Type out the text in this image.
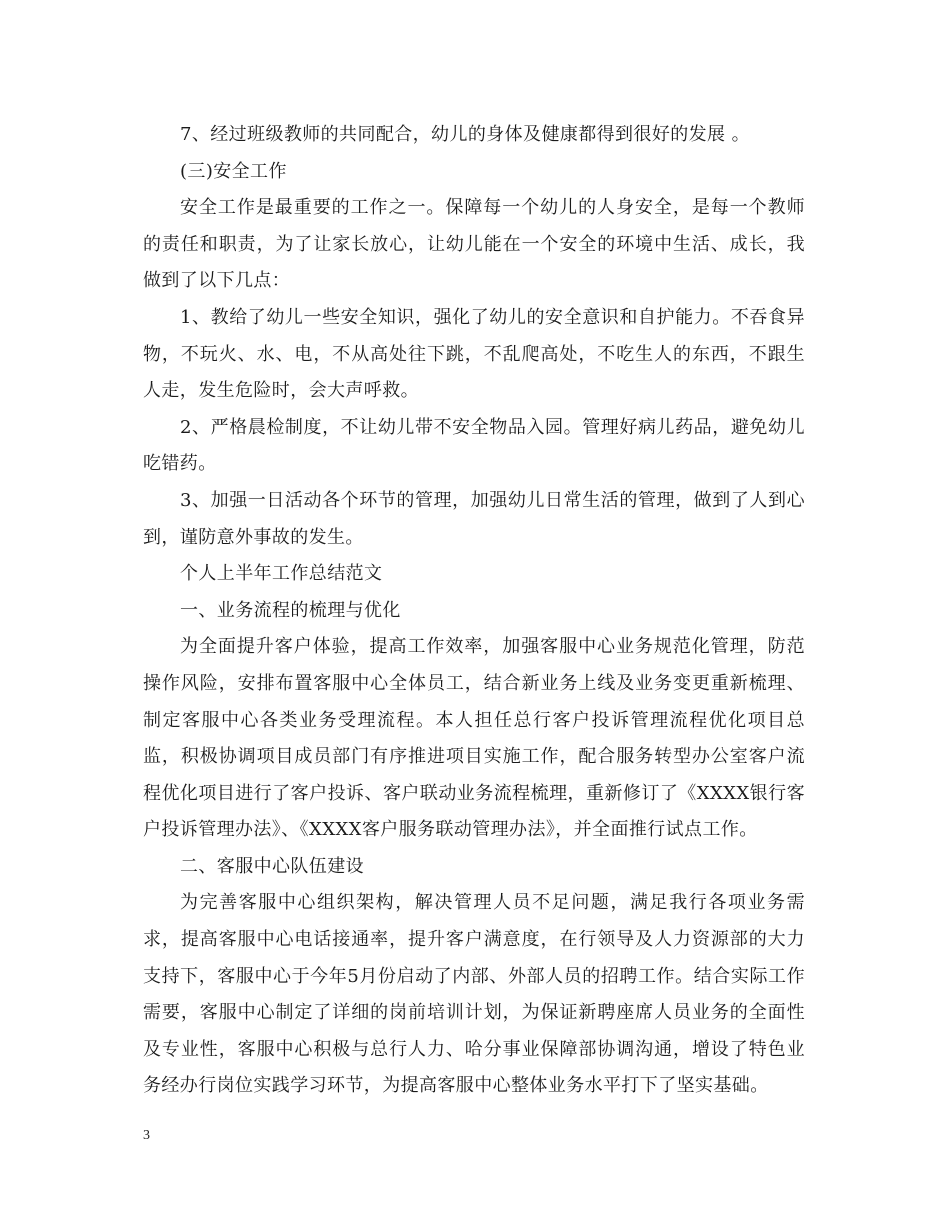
7、经过班级教师的共同配合，幼儿的身体及健康都得到很好的发展 。

(三)安全工作

安全工作是最重要的工作之一。保障每一个幼儿的人身安全，是每一个教师的责任和职责，为了让家长放心，让幼儿能在一个安全的环境中生活、成长，我做到了以下几点：

1、教给了幼儿一些安全知识，强化了幼儿的安全意识和自护能力。不吞食异物，不玩火、水、电，不从高处往下跳，不乱爬高处，不吃生人的东西，不跟生人走，发生危险时，会大声呼救。

2、严格晨检制度，不让幼儿带不安全物品入园。管理好病儿药品，避免幼儿吃错药。

3、加强一日活动各个环节的管理，加强幼儿日常生活的管理，做到了人到心到，谨防意外事故的发生。

个人上半年工作总结范文

一、业务流程的梳理与优化

为全面提升客户体验，提高工作效率，加强客服中心业务规范化管理，防范操作风险，安排布置客服中心全体员工，结合新业务上线及业务变更重新梳理、制定客服中心各类业务受理流程。本人担任总行客户投诉管理流程优化项目总监，积极协调项目成员部门有序推进项目实施工作，配合服务转型办公室客户流程优化项目进行了客户投诉、客户联动业务流程梳理，重新修订了《XXXX银行客户投诉管理办法》、《XXXX客户服务联动管理办法》，并全面推行试点工作。

二、客服中心队伍建设

为完善客服中心组织架构，解决管理人员不足问题，满足我行各项业务需求，提高客服中心电话接通率，提升客户满意度，在行领导及人力资源部的大力支持下，客服中心于今年5月份启动了内部、外部人员的招聘工作。结合实际工作需要，客服中心制定了详细的岗前培训计划，为保证新聘座席人员业务的全面性及专业性，客服中心积极与总行人力、哈分事业保障部协调沟通，增设了特色业务经办行岗位实践学习环节，为提高客服中心整体业务水平打下了坚实基础。

3
